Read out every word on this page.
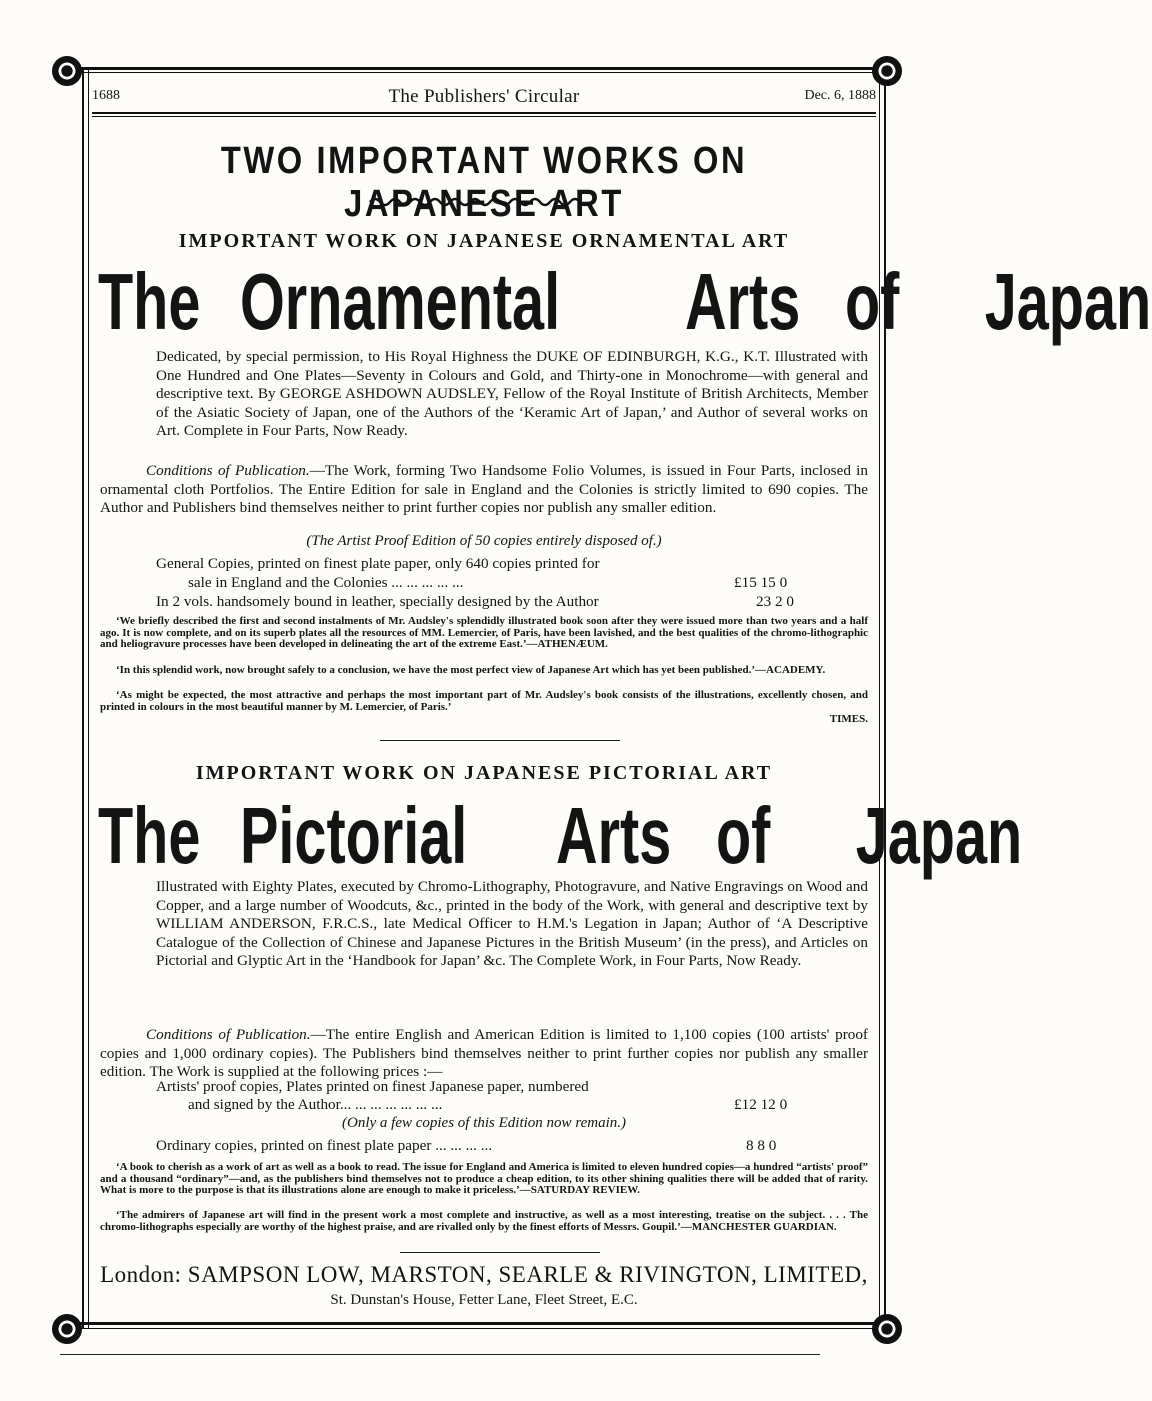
1688	The Publishers' Circular	Dec. 6, 1888
TWO IMPORTANT WORKS ON JAPANESE ART
IMPORTANT WORK ON JAPANESE ORNAMENTAL ART
The Ornamental Arts of Japan
Dedicated, by special permission, to His Royal Highness the DUKE OF EDINBURGH, K.G., K.T. Illustrated with One Hundred and One Plates—Seventy in Colours and Gold, and Thirty-one in Monochrome—with general and descriptive text. By GEORGE ASHDOWN AUDSLEY, Fellow of the Royal Institute of British Architects, Member of the Asiatic Society of Japan, one of the Authors of the ‘Keramic Art of Japan,’ and Author of several works on Art. Complete in Four Parts, Now Ready.
Conditions of Publication.—The Work, forming Two Handsome Folio Volumes, is issued in Four Parts, inclosed in ornamental cloth Portfolios. The Entire Edition for sale in England and the Colonies is strictly limited to 690 copies. The Author and Publishers bind themselves neither to print further copies nor publish any smaller edition.
(The Artist Proof Edition of 50 copies entirely disposed of.)
General Copies, printed on finest plate paper, only 640 copies printed for
sale in England and the Colonies ... ... ... ... ...	£15 15 0
In 2 vols. handsomely bound in leather, specially designed by the Author	23 2 0
‘We briefly described the first and second instalments of Mr. Audsley's splendidly illustrated book soon after they were issued more than two years and a half ago. It is now complete, and on its superb plates all the resources of MM. Lemercier, of Paris, have been lavished, and the best qualities of the chromo-lithographic and heliogravure processes have been developed in delineating the art of the extreme East.’—ATHENÆUM.
‘In this splendid work, now brought safely to a conclusion, we have the most perfect view of Japanese Art which has yet been published.’—ACADEMY.
‘As might be expected, the most attractive and perhaps the most important part of Mr. Audsley's book consists of the illustrations, excellently chosen, and printed in colours in the most beautiful manner by M. Lemercier, of Paris.’
TIMES.
IMPORTANT WORK ON JAPANESE PICTORIAL ART
The Pictorial Arts of Japan
Illustrated with Eighty Plates, executed by Chromo-Lithography, Photogravure, and Native Engravings on Wood and Copper, and a large number of Woodcuts, &c., printed in the body of the Work, with general and descriptive text by WILLIAM ANDERSON, F.R.C.S., late Medical Officer to H.M.'s Legation in Japan; Author of ‘A Descriptive Catalogue of the Collection of Chinese and Japanese Pictures in the British Museum’ (in the press), and Articles on Pictorial and Glyptic Art in the ‘Handbook for Japan’ &c. The Complete Work, in Four Parts, Now Ready.
Conditions of Publication.—The entire English and American Edition is limited to 1,100 copies (100 artists' proof copies and 1,000 ordinary copies). The Publishers bind themselves neither to print further copies nor publish any smaller edition. The Work is supplied at the following prices :—
Artists' proof copies, Plates printed on finest Japanese paper, numbered
and signed by the Author... ... ... ... ... ... ...	£12 12 0
(Only a few copies of this Edition now remain.)
Ordinary copies, printed on finest plate paper ... ... ... ...	8 8 0
‘A book to cherish as a work of art as well as a book to read. The issue for England and America is limited to eleven hundred copies—a hundred “artists' proof” and a thousand “ordinary”—and, as the publishers bind themselves not to produce a cheap edition, to its other shining qualities there will be added that of rarity. What is more to the purpose is that its illustrations alone are enough to make it priceless.’—SATURDAY REVIEW.
‘The admirers of Japanese art will find in the present work a most complete and instructive, as well as a most interesting, treatise on the subject. . . . The chromo-lithographs especially are worthy of the highest praise, and are rivalled only by the finest efforts of Messrs. Goupil.’—MANCHESTER GUARDIAN.
London: SAMPSON LOW, MARSTON, SEARLE & RIVINGTON, LIMITED,
St. Dunstan's House, Fetter Lane, Fleet Street, E.C.
